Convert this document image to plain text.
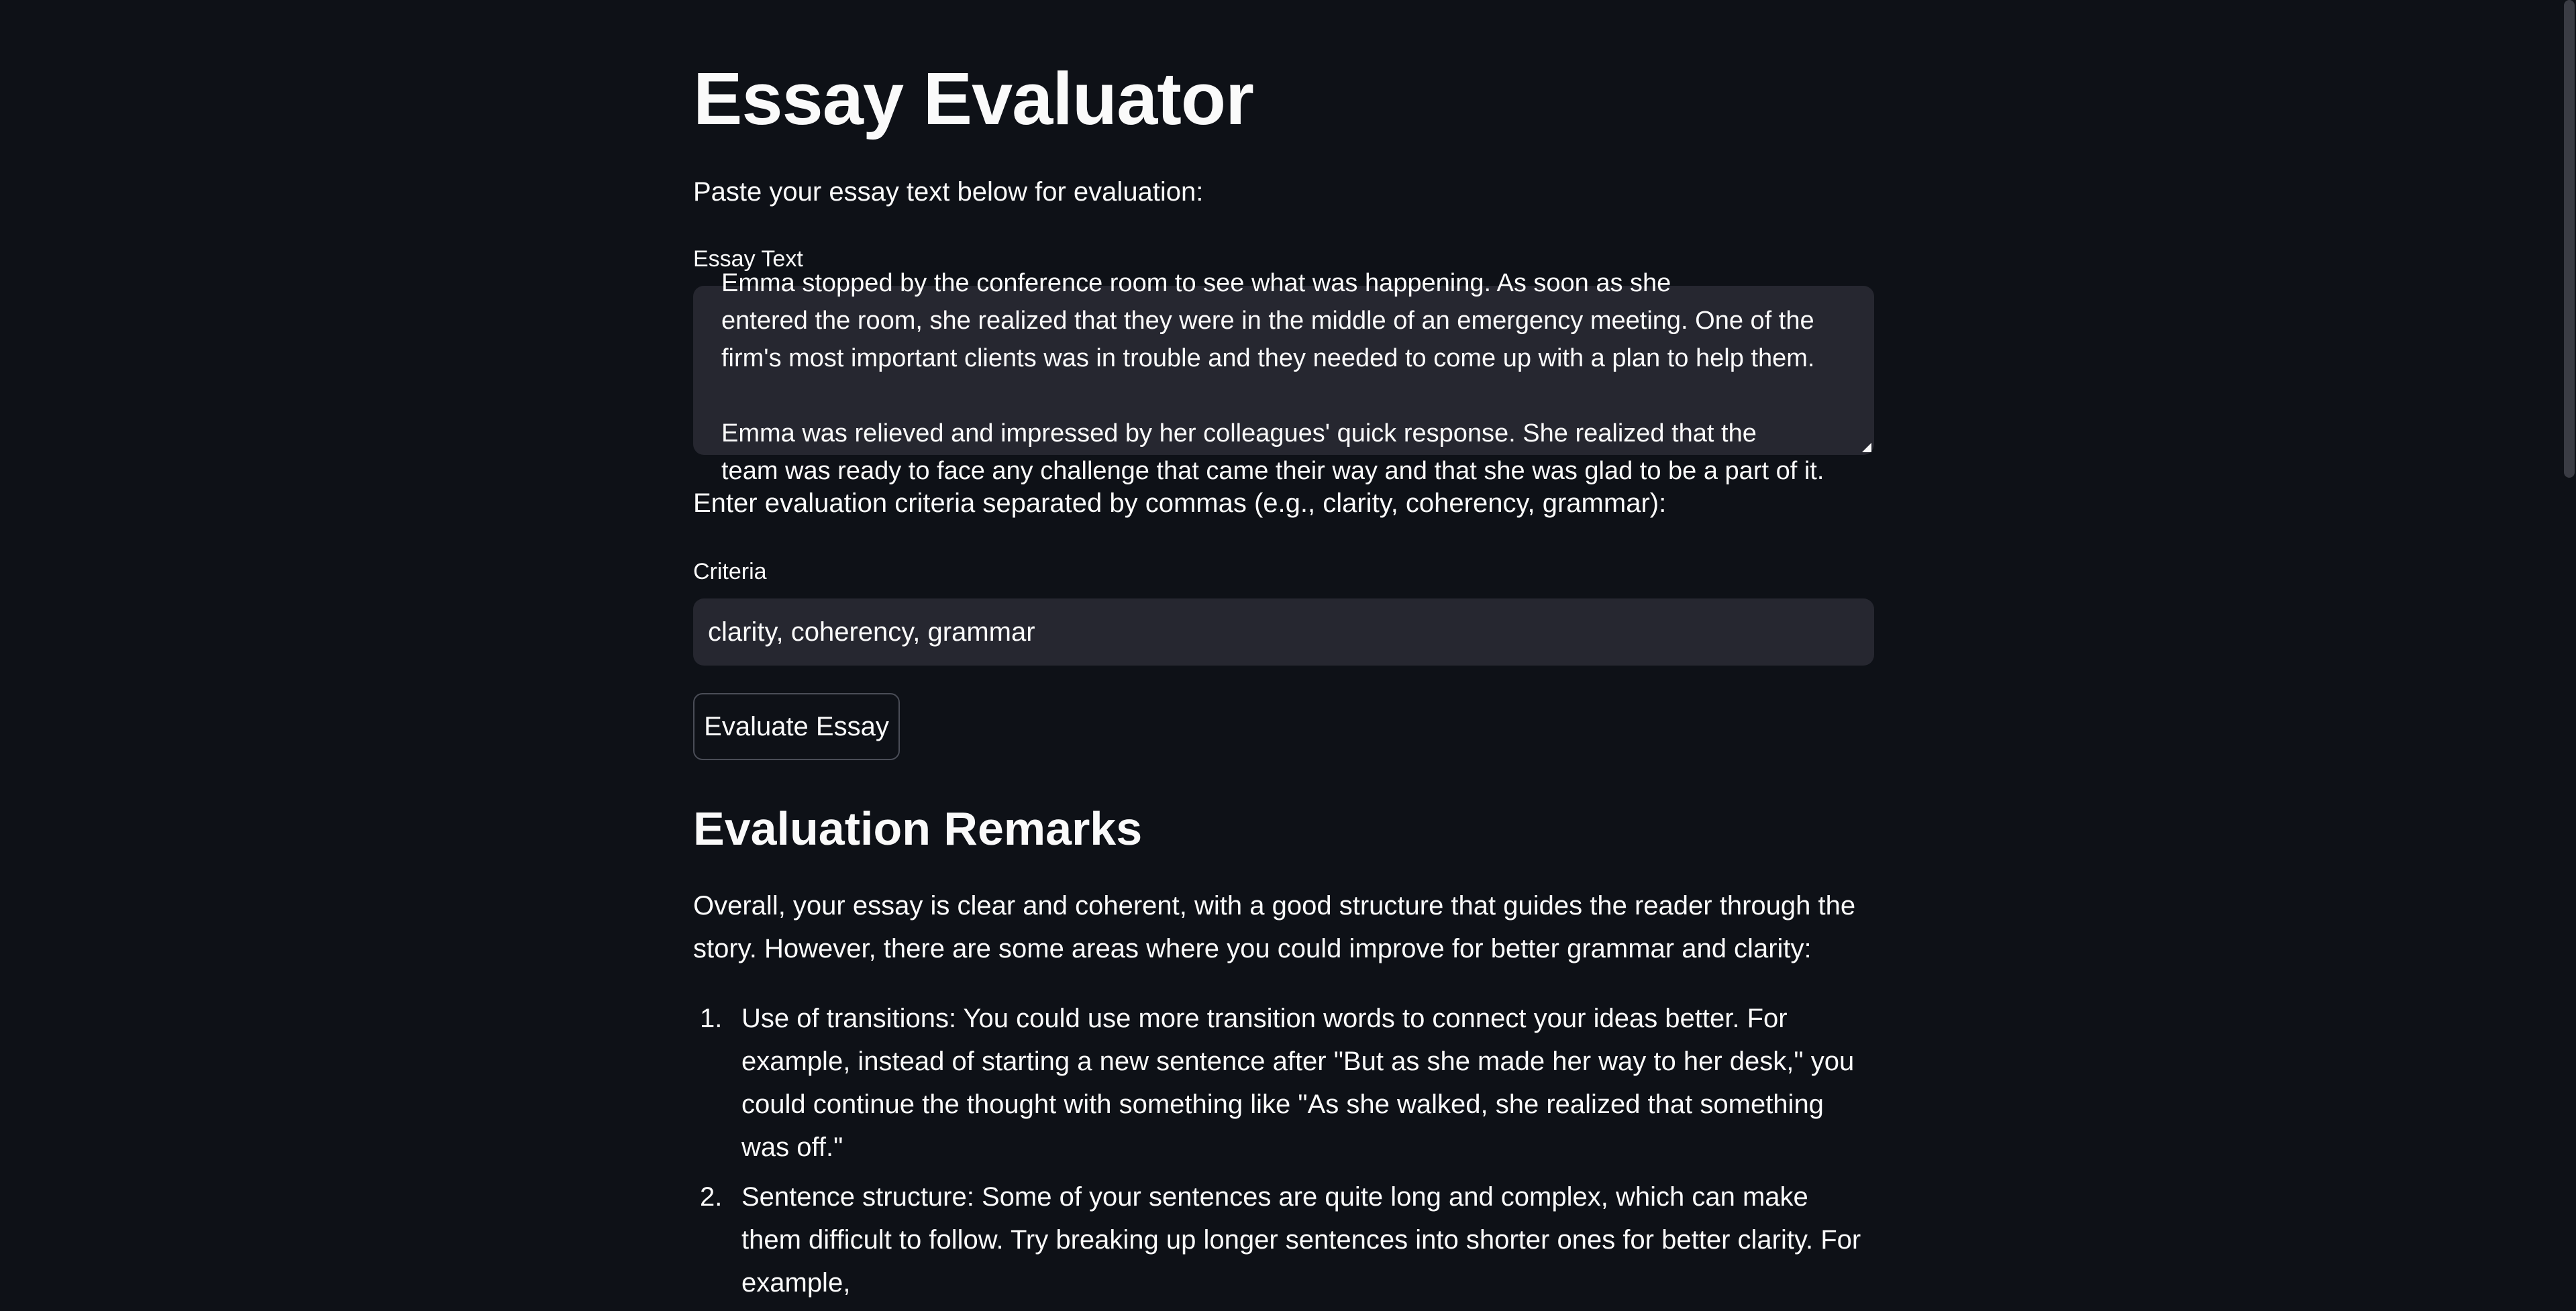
Essay Evaluator
Paste your essay text below for evaluation:
Essay Text
Emma stopped by the conference room to see what was happening. As soon as she
entered the room, she realized that they were in the middle of an emergency meeting. One of the firm's most important clients was in trouble and they needed to come up with a plan to help them.

Emma was relieved and impressed by her colleagues' quick response. She realized that the
team was ready to face any challenge that came their way and that she was glad to be a part of it.
Enter evaluation criteria separated by commas (e.g., clarity, coherency, grammar):
Criteria
clarity, coherency, grammar
Evaluate Essay
Evaluation Remarks

Overall, your essay is clear and coherent, with a good structure that guides the reader through the story. However, there are some areas where you could improve for better grammar and clarity:

1. Use of transitions: You could use more transition words to connect your ideas better. For example, instead of starting a new sentence after "But as she made her way to her desk," you could continue the thought with something like "As she walked, she realized that something was off."
2. Sentence structure: Some of your sentences are quite long and complex, which can make them difficult to follow. Try breaking up longer sentences into shorter ones for better clarity. For example,
